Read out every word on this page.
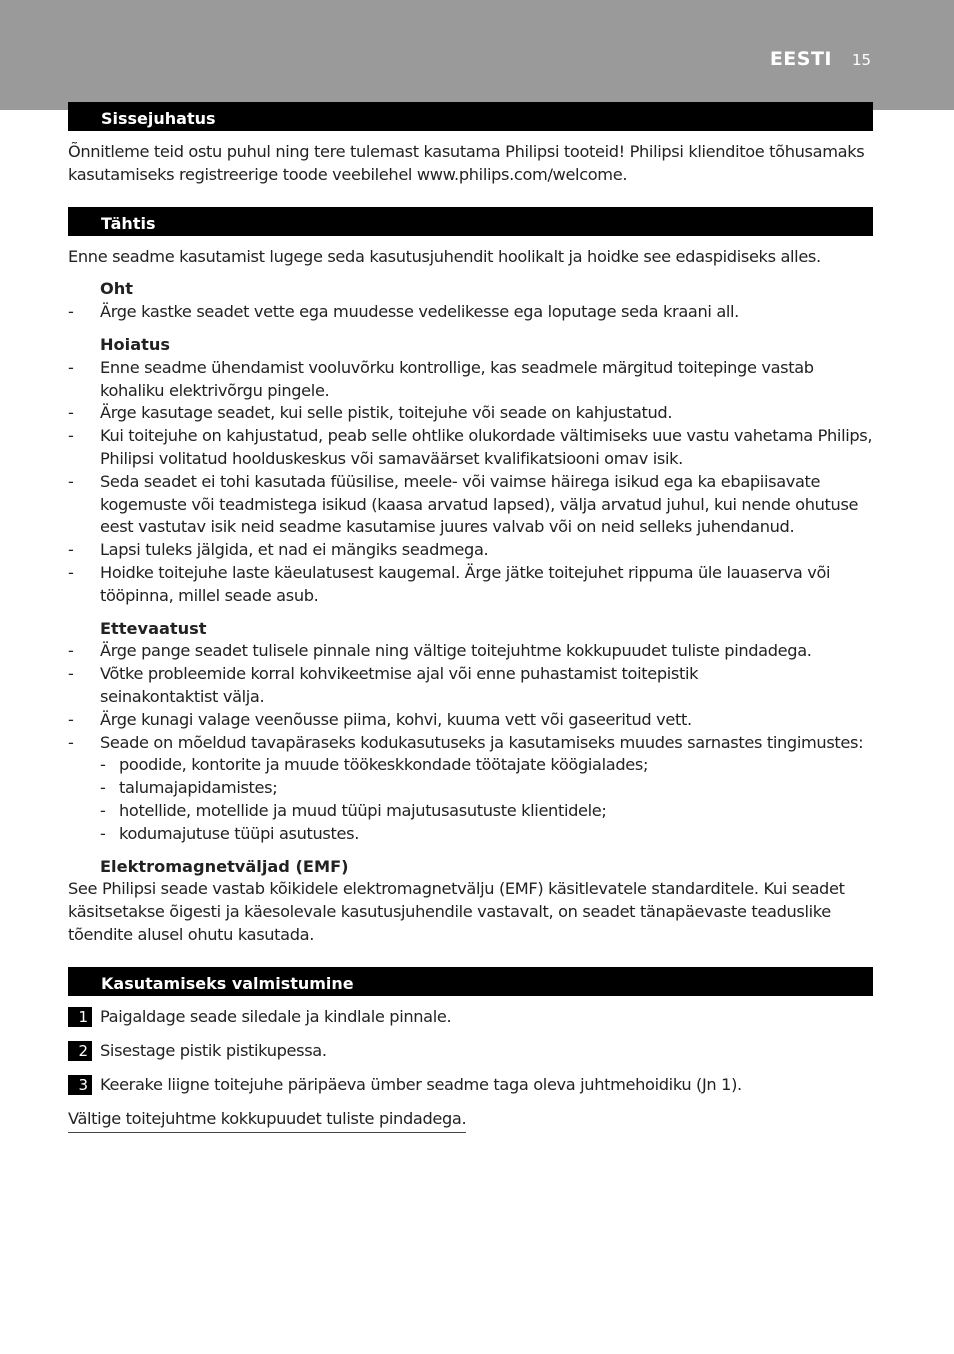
EESTI 15
Sissejuhatus

Õnnitleme teid ostu puhul ning tere tulemast kasutama Philipsi tooteid! Philipsi klienditoe tõhusamaks kasutamiseks registreerige toode veebilehel www.philips.com/welcome.

Tähtis

Enne seadme kasutamist lugege seda kasutusjuhendit hoolikalt ja hoidke see edaspidiseks alles.

Oht
- Ärge kastke seadet vette ega muudesse vedelikesse ega loputage seda kraani all.
Hoiatus
- Enne seadme ühendamist vooluvõrku kontrollige, kas seadmele märgitud toitepinge vastab kohaliku elektrivõrgu pingele.
- Ärge kasutage seadet, kui selle pistik, toitejuhe või seade on kahjustatud.
- Kui toitejuhe on kahjustatud, peab selle ohtlike olukordade vältimiseks uue vastu vahetama Philips, Philipsi volitatud hoolduskeskus või samaväärset kvalifikatsiooni omav isik.
- Seda seadet ei tohi kasutada füüsilise, meele- või vaimse häirega isikud ega ka ebapiisavate kogemuste või teadmistega isikud (kaasa arvatud lapsed), välja arvatud juhul, kui nende ohutuse eest vastutav isik neid seadme kasutamise juures valvab või on neid selleks juhendanud.
- Lapsi tuleks jälgida, et nad ei mängiks seadmega.
- Hoidke toitejuhe laste käeulatusest kaugemal. Ärge jätke toitejuhet rippuma üle lauaserva või tööpinna, millel seade asub.
Ettevaatust
- Ärge pange seadet tulisele pinnale ning vältige toitejuhtme kokkupuudet tuliste pindadega.
- Võtke probleemide korral kohvikeetmise ajal või enne puhastamist toitepistik seinakontaktist välja.
- Ärge kunagi valage veenõusse piima, kohvi, kuuma vett või gaseeritud vett.
- Seade on mõeldud tavapäraseks kodukasutuseks ja kasutamiseks muudes sarnastes tingimustes:
- poodide, kontorite ja muude töökeskkondade töötajate köögialades;
- talumajapidamistes;
- hotellide, motellide ja muud tüüpi majutusasutuste klientidele;
- kodumajutuse tüüpi asutustes.
Elektromagnetväljad (EMF)

See Philipsi seade vastab kõikidele elektromagnetvälju (EMF) käsitlevatele standarditele. Kui seadet käsitsetakse õigesti ja käesolevale kasutusjuhendile vastavalt, on seadet tänapäevaste teaduslike tõendite alusel ohutu kasutada.

Kasutamiseks valmistumine
1 Paigaldage seade siledale ja kindlale pinnale.
2 Sisestage pistik pistikupessa.
3 Keerake liigne toitejuhe päripäeva ümber seadme taga oleva juhtmehoidiku (Jn 1).
Vältige toitejuhtme kokkupuudet tuliste pindadega.
